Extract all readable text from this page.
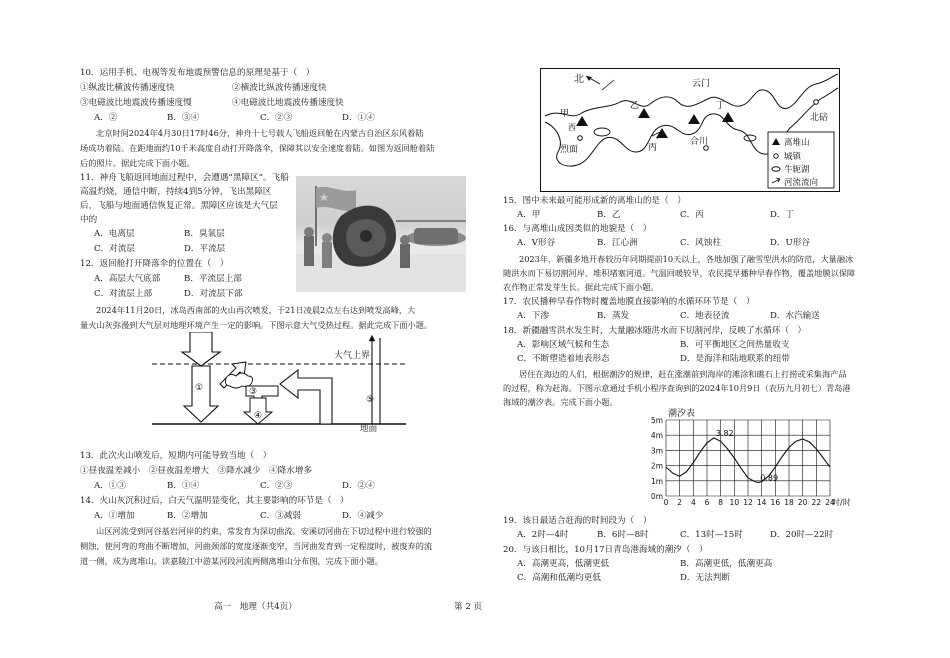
10．运用手机、电视等发布地震预警信息的原理是基于（　）
①纵波比横波传播速度快	②横波比纵波传播速度快
③电磁波比地震波传播速度慢	④电磁波比地震波传播速度快
A．②	B．③④	C．②③	D．①④
北京时间2024年4月30日17时46分，神舟十七号载人飞船返回舱在内蒙古自治区东风着陆
场成功着陆。在距地面约10千米高度自动打开降落伞，保障其以安全速度着陆。如图为返回舱着陆
后的照片。据此完成下面小题。
11．神舟飞船返回地面过程中，会遭遇“黑障区”。飞船
高温灼烧，通信中断，持续4到5分钟，飞出黑障区
后，飞船与地面通信恢复正常。黑障区应该是大气层
中的
A．电离层	B．臭氧层
C．对流层	D．平流层
12．返回舱打开降落伞的位置在（　）
A．高层大气底部	B．平流层上部
C．对流层上部	D．对流层下部
2024年11月20日，冰岛西南部的火山再次喷发，于21日凌晨2点左右达到喷发高峰，大
量火山灰弥漫到大气层对地理环境产生一定的影响。下图示意大气受热过程。据此完成下面小题。
大气上界
①	③
④
⑤
地面
13．此次火山喷发后，短期内可能导致当地（　）
①昼夜温差减小　②昼夜温差增大　③降水减少　④降水增多
A．①③	B．①④	C．②③	D．②④
14．火山灰沉积过后，白天气温明显变化，其主要影响的环节是（　）
A．①增加	B．②增加	C．③减弱	D．④减少
山区河流受到河谷基岩河岸的约束，常发育为深切曲流。安溪切河曲在下切过程中进行较强的
侧蚀，使河弯的弯曲不断增加，河曲颈部的宽度逐渐变窄，当河曲发育到一定程度时，被废弃的流
道一侧，成为离堆山。读嘉陵江中游某河段河流两侧离堆山分布图，完成下面小题。
高一　地理（共4页）
北
甲
西
乙
丙
云门
丁
烈面
合川
北碚
离堆山
城镇
牛轭湖
河流流向
15．图中未来最可能形成新的离堆山的是（　）
A．甲	B．乙	C．丙	D．丁
16．与离堆山成因类似的地貌是（　）
A．V形谷	B．江心洲	C．风蚀柱	D．U形谷
2023年，新疆多地开春较历年同期提前10天以上，各地加强了融雪型洪水的防范，大量融冰
随洪水而下易切割河岸、堆积堵塞河道。气温回暖较早，农民提早播种早春作物，覆盖地膜以保障
农作物正常发芽生长。据此完成下面小题。
17．农民播种早春作物时覆盖地膜直接影响的水循环环节是（　）
A．下渗	B．蒸发	C．地表径流	D．水汽输送
18．新疆融雪洪水发生时，大量融冰随洪水而下切割河岸，反映了水循环（　）
A．影响区域气候和生态	B．可平衡地区之间热量收支
C．不断塑造着地表形态	D．是海洋和陆地联系的纽带
居住在海边的人们，根据潮汐的规律，赶在涨潮前到海岸的滩涂和礁石上打捞或采集海产品
的过程，称为赶海。下图示意通过手机小程序查询到的2024年10月9日（农历九月初七）青岛港
海域的潮汐表。完成下面小题。
潮汐表
0m
1m
2m
3m
4m
5m
0 2 4 6 8 10 12 14 16 18 20 22 24
3.82
0.89
时/时
19．该日最适合赶海的时间段为（　）
A．2时—4时	B．6时—8时	C．13时—15时	D．20时—22时
20．与该日相比，10月17日青岛港海域的潮汐（　）
A．高潮更高，低潮更低	B．高潮更低，低潮更高
C．高潮和低潮均更低	D．无法判断
第 2 页
